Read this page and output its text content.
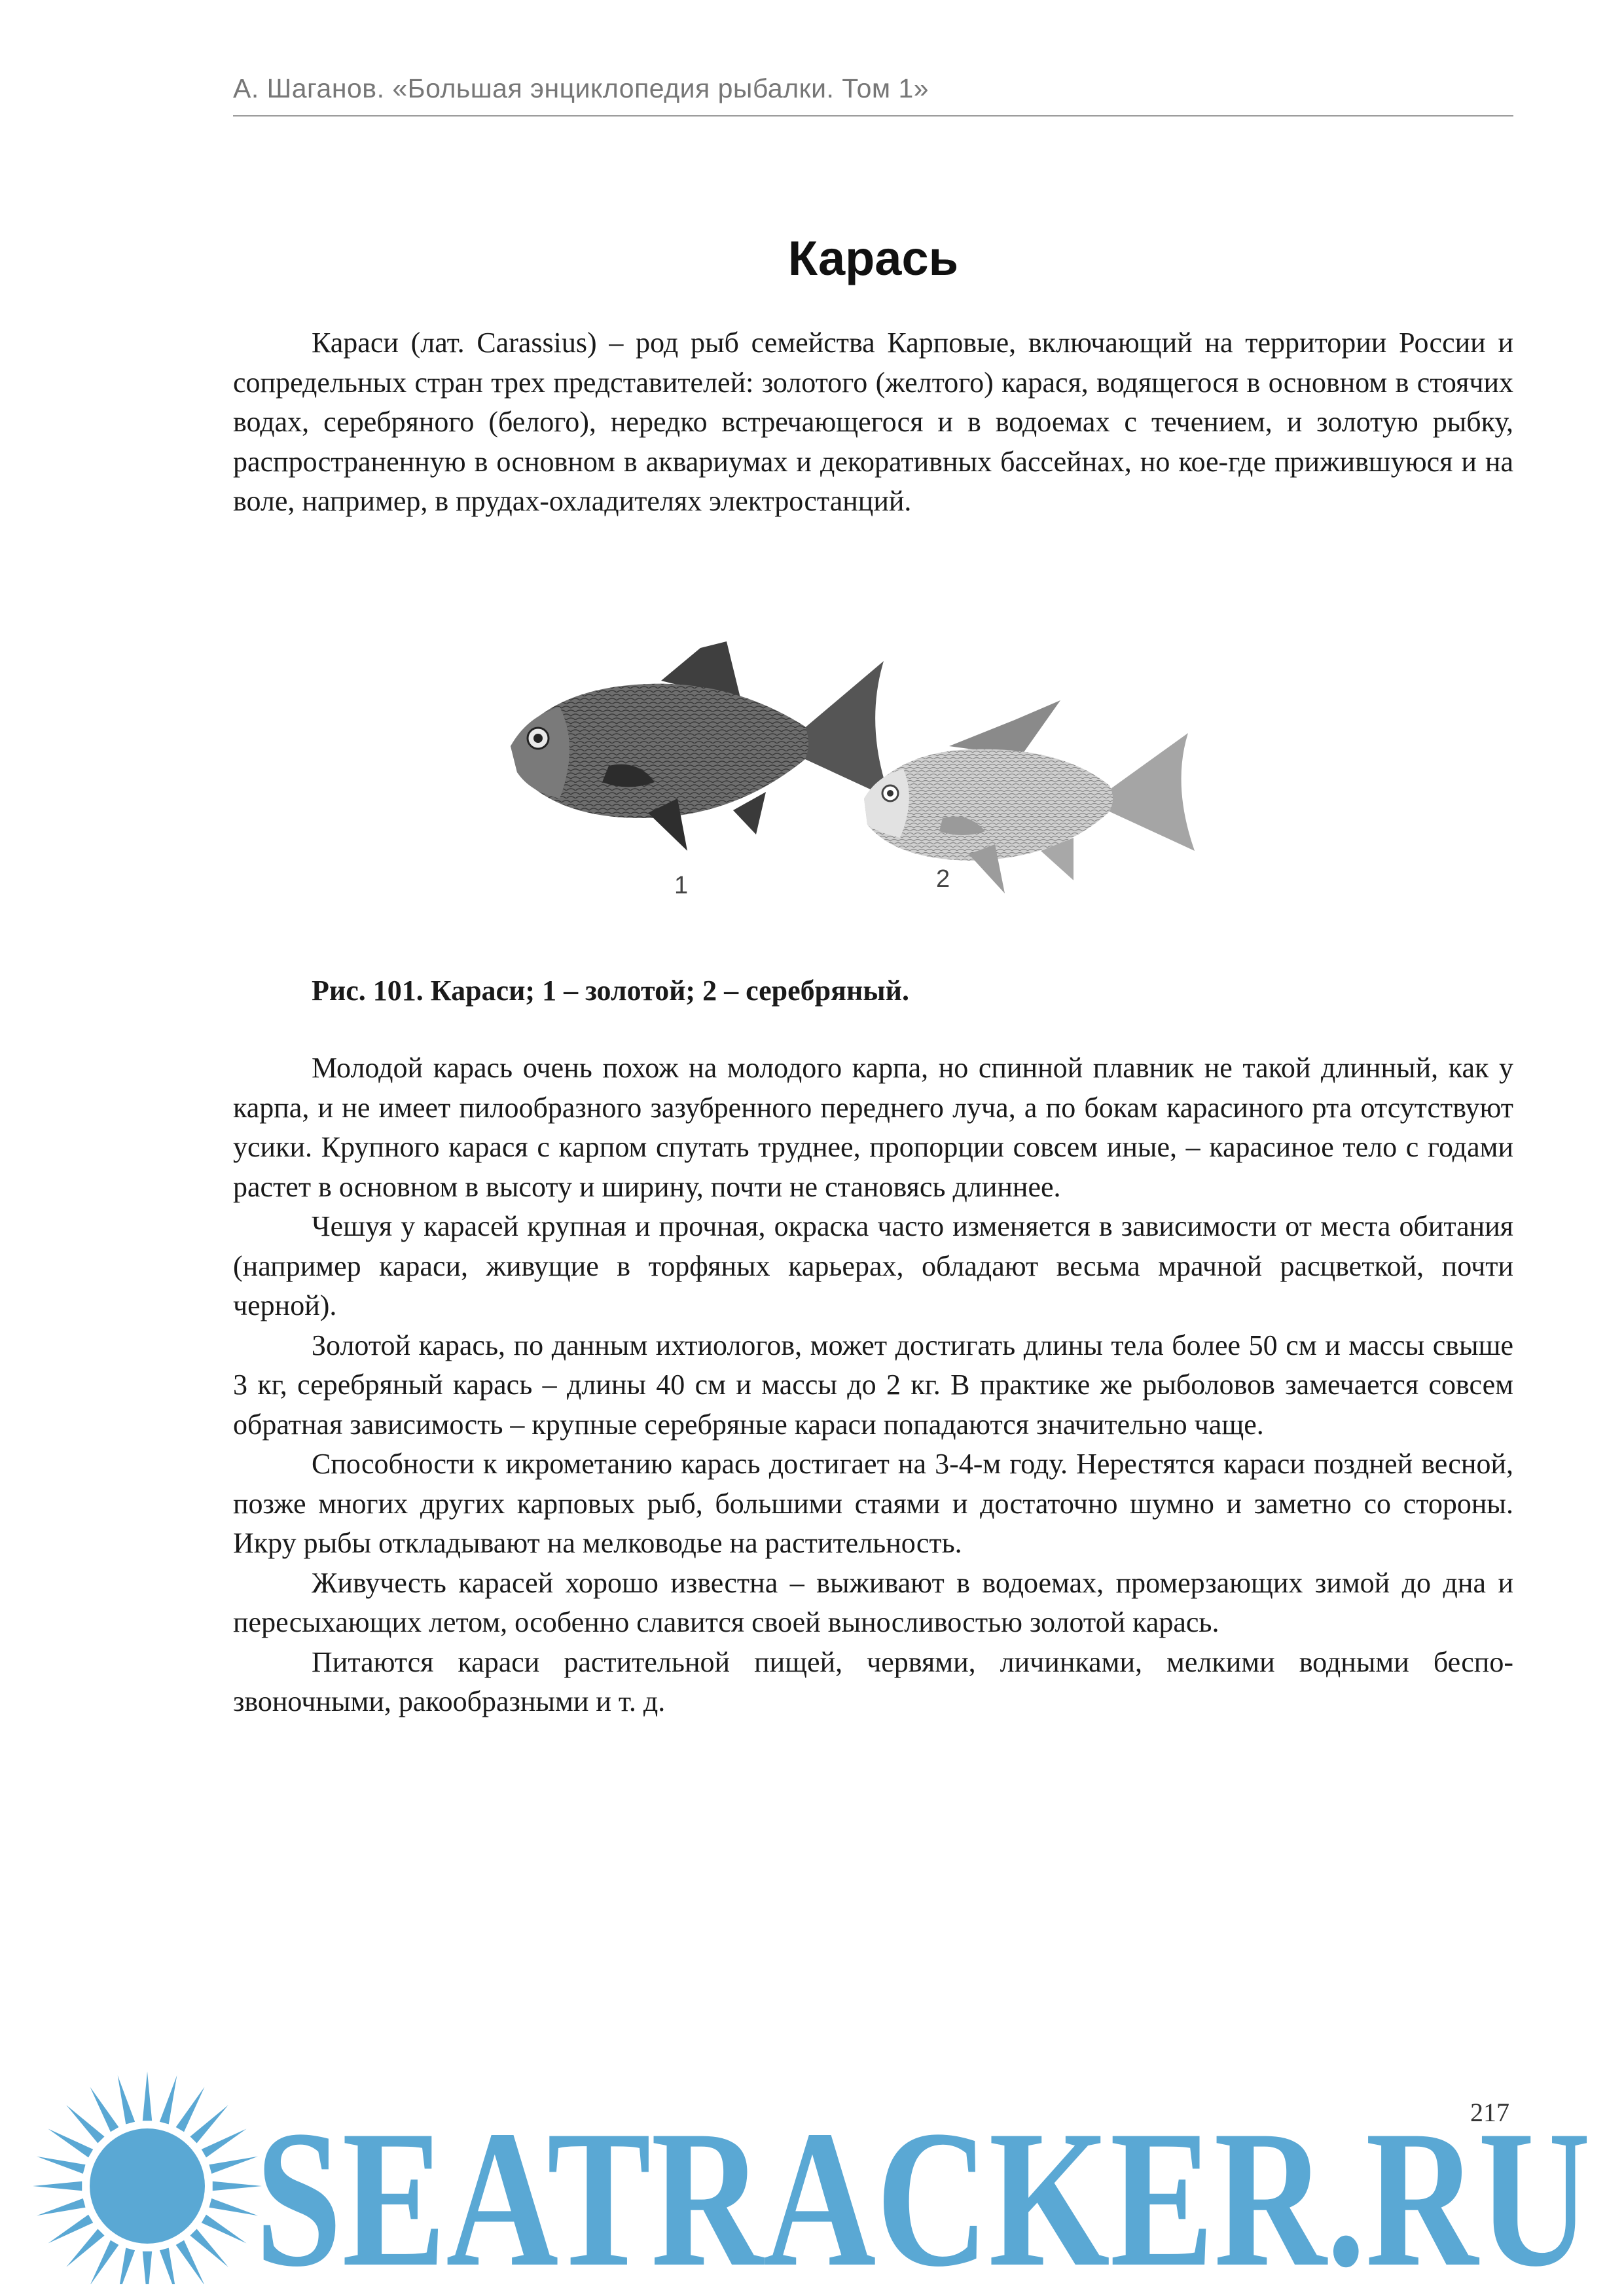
А. Шаганов. «Большая энциклопедия рыбалки. Том 1»
Карась

Караси (лат. Carassius) – род рыб семейства Карповые, включающий на территории России и сопредельных стран трех представителей: золотого (желтого) карася, водящегося в основном в стоячих водах, серебряного (белого), нередко встречающегося и в водоемах с течением, и золотую рыбку, распространенную в основном в аквариумах и декоративных бассейнах, но кое-где прижившуюся и на воле, например, в прудах-охладителях электростанций.

1	2
Рис. 101. Караси; 1 – золотой; 2 – серебряный.

Молодой карась очень похож на молодого карпа, но спинной плавник не такой длинный, как у карпа, и не имеет пилообразного зазубренного переднего луча, а по бокам карасиного рта отсутствуют усики. Крупного карася с карпом спутать труднее, пропорции совсем иные, – карасиное тело с годами растет в основном в высоту и ширину, почти не становясь длиннее.

Чешуя у карасей крупная и прочная, окраска часто изменяется в зависимости от места обитания (например караси, живущие в торфяных карьерах, обладают весьма мрачной расцветкой, почти черной).

Золотой карась, по данным ихтиологов, может достигать длины тела более 50 см и массы свыше 3 кг, серебряный карась – длины 40 см и массы до 2 кг. В практике же рыболовов замечается совсем обратная зависимость – крупные серебряные караси попадаются значительно чаще.

Способности к икрометанию карась достигает на 3-4-м году. Нерестятся караси поздней весной, позже многих других карповых рыб, большими стаями и достаточно шумно и заметно со стороны. Икру рыбы откладывают на мелководье на растительность.

Живучесть карасей хорошо известна – выживают в водоемах, промерзающих зимой до дна и пересыхающих летом, особенно славится своей выносливостью золотой карась.

Питаются караси растительной пищей, червями, личинками, мелкими водными беспозвоночными, ракообразными и т. д.

217
SEATRACKER.RU
